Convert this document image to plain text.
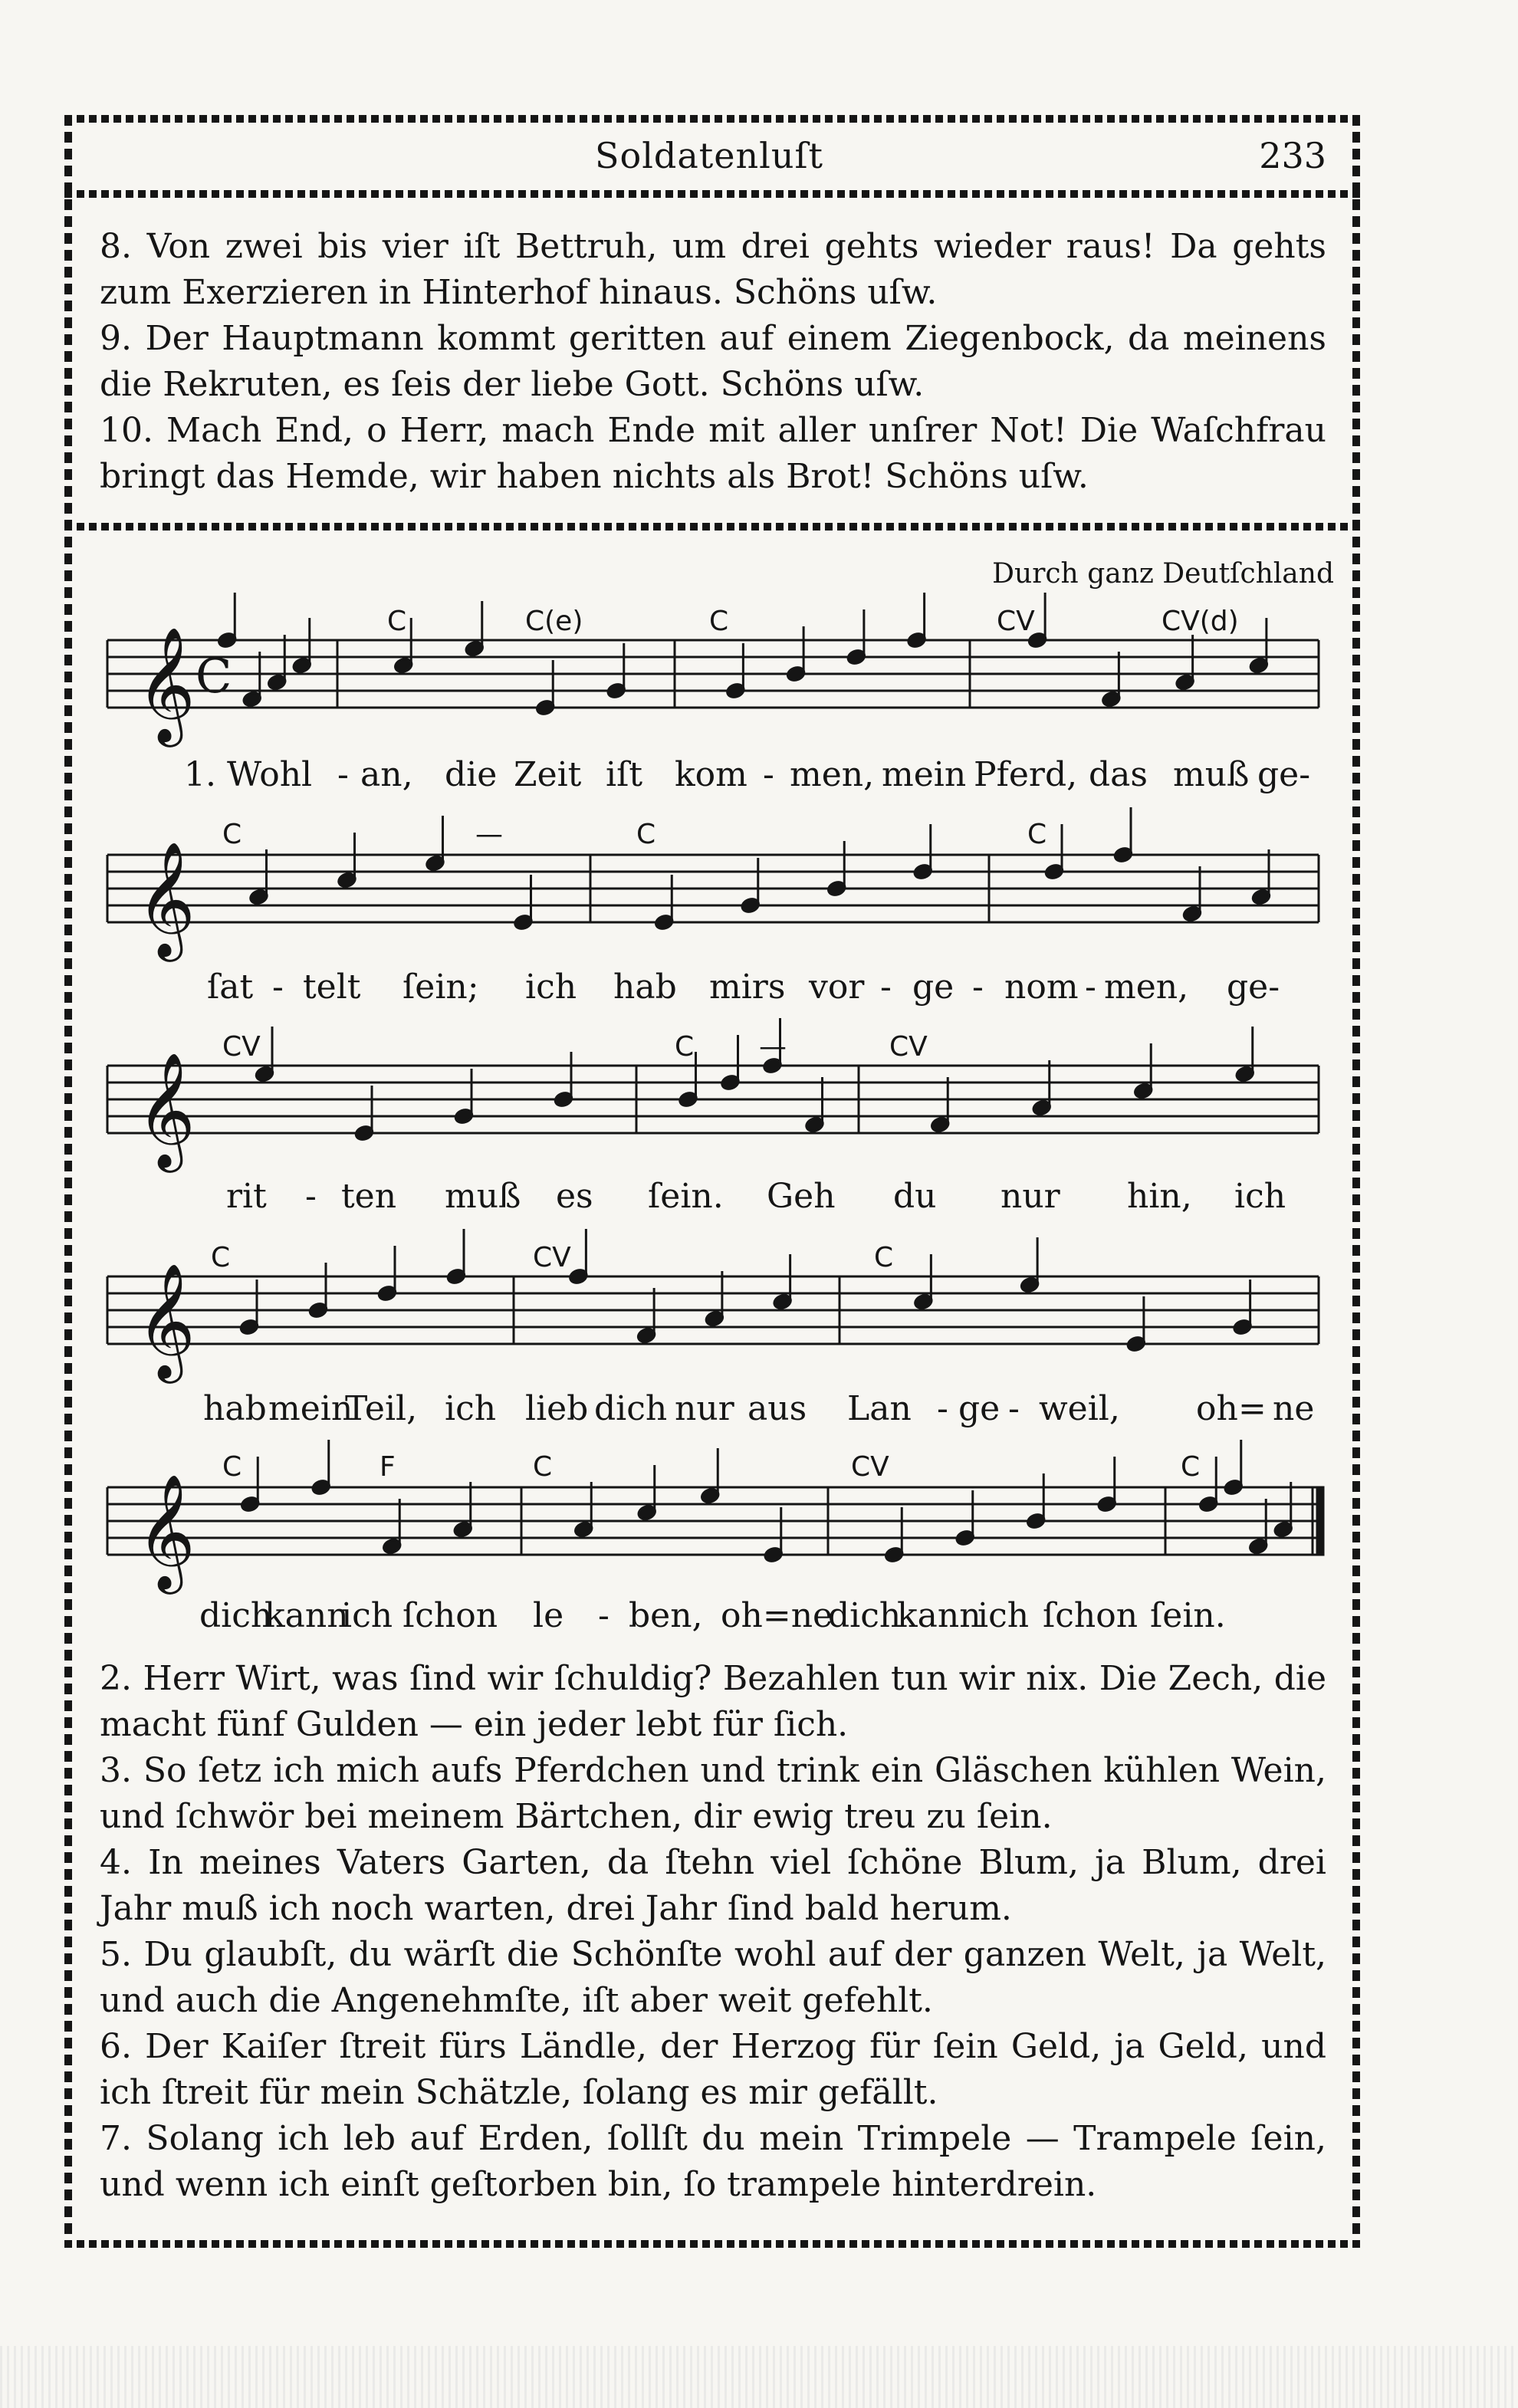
Soldatenluſt	233
8. Von zwei bis vier iſt Bettruh, um drei gehts wieder raus! Da gehts zum Exerzieren in Hinterhof hinaus. Schöns uſw.
9. Der Hauptmann kommt geritten auf einem Ziegenbock, da meinens die Rekruten, es ſeis der liebe Gott. Schöns uſw.
10. Mach End, o Herr, mach Ende mit aller unſrer Not! Die Waſchfrau bringt das Hemde, wir haben nichts als Brot! Schöns uſw.
Durch ganz Deutſchland
𝄞 C
𝄞
𝄞
𝄞
𝄞
C	C(e)	C	CV	CV(d)
1. Wohl - an, die Zeit iſt kom - men, mein Pferd, das muß ge-
C	—	C	C
ſat - telt ſein; ich hab mirs vor - ge - nom - men, ge-
CV	C —	CV
rit - ten muß es ſein. Geh du nur hin, ich
C	CV	C
hab mein
Teil, ich lieb dich nur aus Lan - ge - weil, oh = ne
C	F	C	CV	C
dich
kann
ich ſchon le - ben, oh=ne
dich
kann
ich ſchon ſein.
2. Herr Wirt, was ſind wir ſchuldig? Bezahlen tun wir nix. Die Zech, die macht fünf Gulden — ein jeder lebt für ſich.
3. So ſetz ich mich aufs Pferdchen und trink ein Gläschen kühlen Wein, und ſchwör bei meinem Bärtchen, dir ewig treu zu ſein.
4. In meines Vaters Garten, da ſtehn viel ſchöne Blum, ja Blum, drei Jahr muß ich noch warten, drei Jahr ſind bald herum.
5. Du glaubſt, du wärſt die Schönſte wohl auf der ganzen Welt, ja Welt, und auch die Angenehmſte, iſt aber weit gefehlt.
6. Der Kaiſer ſtreit fürs Ländle, der Herzog für ſein Geld, ja Geld, und ich ſtreit für mein Schätzle, ſolang es mir gefällt.
7. Solang ich leb auf Erden, ſollſt du mein Trimpele — Trampele ſein, und wenn ich einſt geſtorben bin, ſo trampele hinterdrein.
